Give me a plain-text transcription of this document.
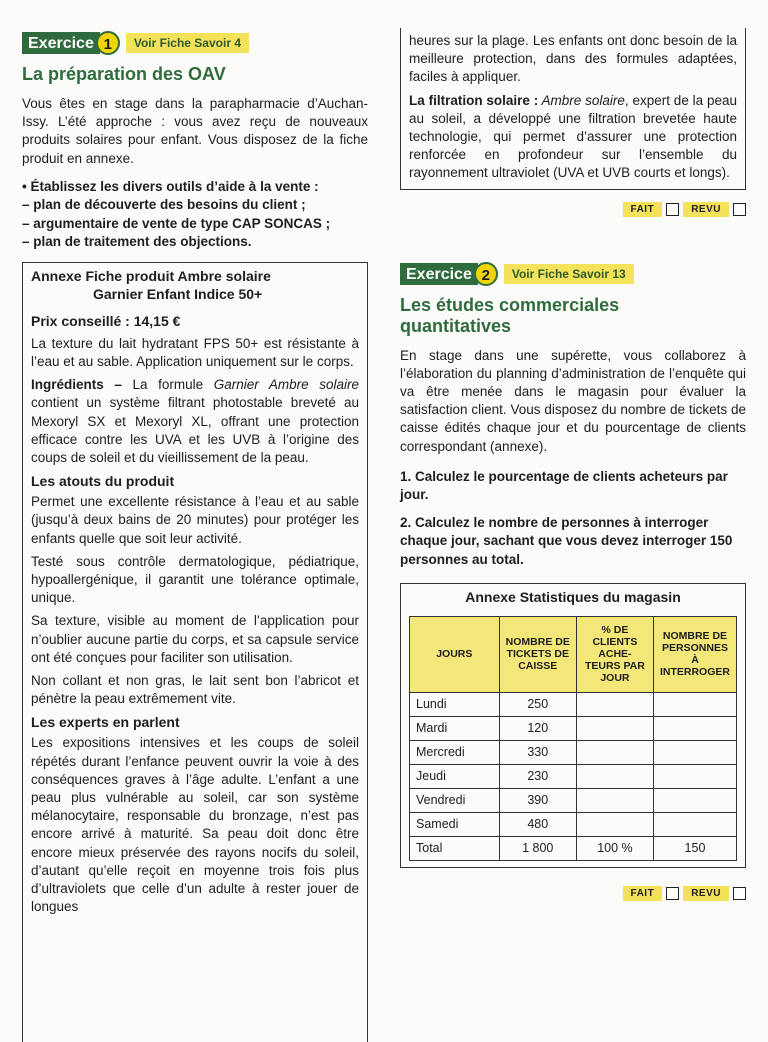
Exercice 1	Voir Fiche Savoir 4
La préparation des OAV

Vous êtes en stage dans la parapharmacie d’Auchan-Issy. L’été approche : vous avez reçu de nouveaux produits solaires pour enfant. Vous disposez de la fiche produit en annexe.

• Établissez les divers outils d’aide à la vente :
– plan de découverte des besoins du client ;
– argumentaire de vente de type CAP SONCAS ;
– plan de traitement des objections.
Annexe Fiche produit Ambre solaire
Garnier Enfant Indice 50+
Prix conseillé : 14,15 €

La texture du lait hydratant FPS 50+ est résistante à l’eau et au sable. Application uniquement sur le corps.

Ingrédients – La formule Garnier Ambre solaire contient un système filtrant photostable breveté au Mexoryl SX et Mexoryl XL, offrant une protection efficace contre les UVA et les UVB à l’origine des coups de soleil et du vieillissement de la peau.

Les atouts du produit

Permet une excellente résistance à l’eau et au sable (jusqu’à deux bains de 20 minutes) pour protéger les enfants quelle que soit leur activité.

Testé sous contrôle dermatologique, pédiatrique, hypoallergénique, il garantit une tolérance optimale, unique.

Sa texture, visible au moment de l’application pour n’oublier aucune partie du corps, et sa capsule service ont été conçues pour faciliter son utilisation.

Non collant et non gras, le lait sent bon l’abricot et pénètre la peau extrêmement vite.

Les experts en parlent

Les expositions intensives et les coups de soleil répétés durant l’enfance peuvent ouvrir la voie à des conséquences graves à l’âge adulte. L’enfant a une peau plus vulnérable au soleil, car son système mélanocytaire, responsable du bronzage, n’est pas encore arrivé à maturité. Sa peau doit donc être encore mieux préservée des rayons nocifs du soleil, d’autant qu’elle reçoit en moyenne trois fois plus d’ultraviolets que celle d’un adulte à rester jouer de longues

heures sur la plage. Les enfants ont donc besoin de la meilleure protection, dans des formules adaptées, faciles à appliquer.

La filtration solaire : Ambre solaire, expert de la peau au soleil, a développé une filtration brevetée haute technologie, qui permet d’assurer une protection renforcée en profondeur sur l’ensemble du rayonnement ultraviolet (UVA et UVB courts et longs).

FAIT	REVU
Exercice 2	Voir Fiche Savoir 13
Les études commerciales quantitatives

En stage dans une supérette, vous collaborez à l’élaboration du planning d’administration de l’enquête qui va être menée dans le magasin pour évaluer la satisfaction client. Vous disposez du nombre de tickets de caisse édités chaque jour et du pourcentage de clients correspondant (annexe).

1. Calculez le pourcentage de clients acheteurs par jour.

2. Calculez le nombre de personnes à interroger chaque jour, sachant que vous devez interroger 150 personnes au total.

Annexe Statistiques du magasin
JOURS	NOMBRE DE TICKETS DE CAISSE	% DE CLIENTS ACHE-TEURS PAR JOUR	NOMBRE DE PERSONNES À INTERROGER
Lundi	250		
Mardi	120		
Mercredi	330		
Jeudi	230		
Vendredi	390		
Samedi	480		
Total	1 800	100 %	150
FAIT	REVU
